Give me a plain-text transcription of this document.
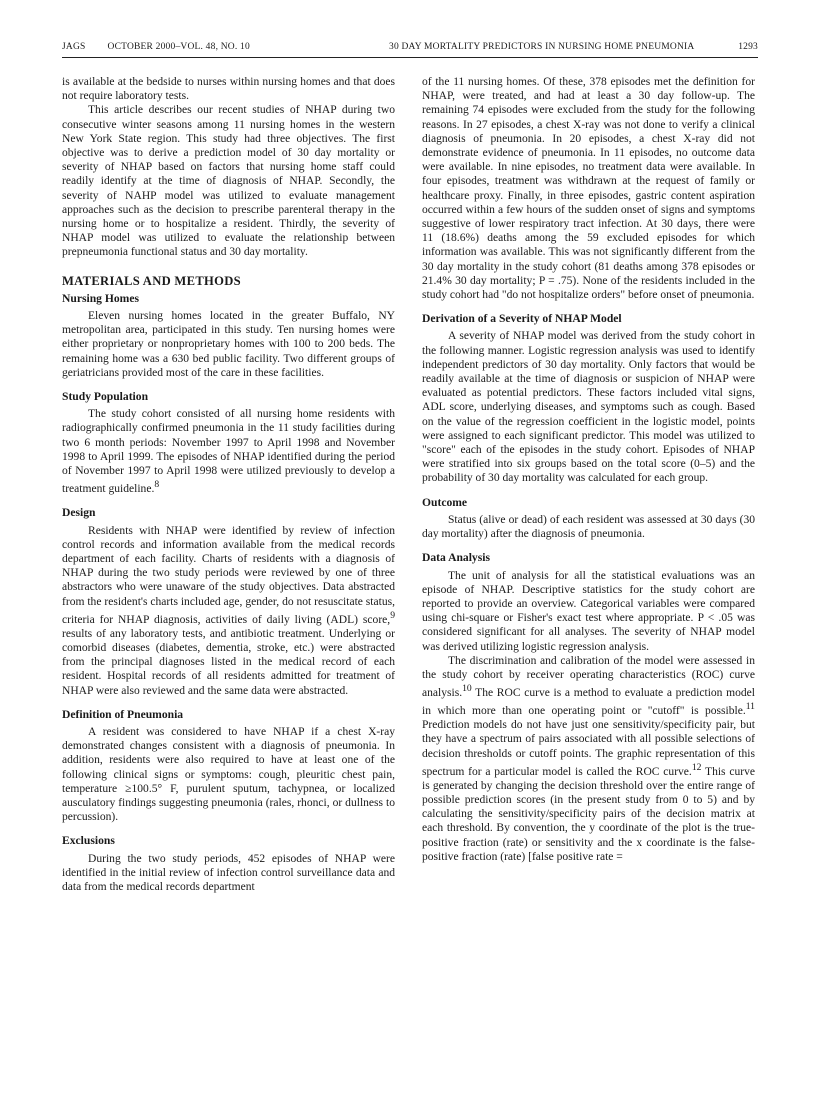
JAGS OCTOBER 2000–VOL. 48, NO. 10	30 DAY MORTALITY PREDICTORS IN NURSING HOME PNEUMONIA	1293

is available at the bedside to nurses within nursing homes and that does not require laboratory tests.

This article describes our recent studies of NHAP during two consecutive winter seasons among 11 nursing homes in the western New York State region. This study had three objectives. The first objective was to derive a prediction model of 30 day mortality or severity of NHAP based on factors that nursing home staff could readily identify at the time of diagnosis of NHAP. Secondly, the severity of NAHP model was utilized to evaluate management approaches such as the decision to prescribe parenteral therapy in the nursing home or to hospitalize a resident. Thirdly, the severity of NHAP model was utilized to evaluate the relationship between prepneumonia functional status and 30 day mortality.

MATERIALS AND METHODS
Nursing Homes

Eleven nursing homes located in the greater Buffalo, NY metropolitan area, participated in this study. Ten nursing homes were either proprietary or nonproprietary homes with 100 to 200 beds. The remaining home was a 630 bed public facility. Two different groups of geriatricians provided most of the care in these facilities.

Study Population

The study cohort consisted of all nursing home residents with radiographically confirmed pneumonia in the 11 study facilities during two 6 month periods: November 1997 to April 1998 and November 1998 to April 1999. The episodes of NHAP identified during the period of November 1997 to April 1998 were utilized previously to develop a treatment guideline.$^8$

Design

Residents with NHAP were identified by review of infection control records and information available from the medical records department of each facility. Charts of residents with a diagnosis of NHAP during the two study periods were reviewed by one of three abstractors who were unaware of the study objectives. Data abstracted from the resident's charts included age, gender, do not resuscitate status, criteria for NHAP diagnosis, activities of daily living (ADL) score,$^9$ results of any laboratory tests, and antibiotic treatment. Underlying or comorbid diseases (diabetes, dementia, stroke, etc.) were abstracted from the principal diagnoses listed in the medical record of each resident. Hospital records of all residents admitted for treatment of NHAP were also reviewed and the same data were abstracted.

Definition of Pneumonia

A resident was considered to have NHAP if a chest X-ray demonstrated changes consistent with a diagnosis of pneumonia. In addition, residents were also required to have at least one of the following clinical signs or symptoms: cough, pleuritic chest pain, temperature ≥100.5° F, purulent sputum, tachypnea, or localized ausculatory findings suggesting pneumonia (rales, rhonci, or dullness to percussion).

Exclusions

During the two study periods, 452 episodes of NHAP were identified in the initial review of infection control surveillance data and data from the medical records department

of the 11 nursing homes. Of these, 378 episodes met the definition for NHAP, were treated, and had at least a 30 day follow-up. The remaining 74 episodes were excluded from the study for the following reasons. In 27 episodes, a chest X-ray was not done to verify a clinical diagnosis of pneumonia. In 20 episodes, a chest X-ray did not demonstrate evidence of pneumonia. In 11 episodes, no outcome data were available. In nine episodes, no treatment data were available. In four episodes, treatment was withdrawn at the request of family or healthcare proxy. Finally, in three episodes, gastric content aspiration occurred within a few hours of the sudden onset of signs and symptoms suggestive of lower respiratory tract infection. At 30 days, there were 11 (18.6%) deaths among the 59 excluded episodes for which information was available. This was not significantly different from the 30 day mortality in the study cohort (81 deaths among 378 episodes or 21.4% 30 day mortality; P = .75). None of the residents included in the study cohort had "do not hospitalize orders" before onset of pneumonia.

Derivation of a Severity of NHAP Model

A severity of NHAP model was derived from the study cohort in the following manner. Logistic regression analysis was used to identify independent predictors of 30 day mortality. Only factors that would be readily available at the time of diagnosis or suspicion of NHAP were evaluated as potential predictors. These factors included vital signs, ADL score, underlying diseases, and symptoms such as cough. Based on the value of the regression coefficient in the logistic model, points were assigned to each significant predictor. This model was utilized to "score" each of the episodes in the study cohort. Episodes of NHAP were stratified into six groups based on the total score (0–5) and the probability of 30 day mortality was calculated for each group.

Outcome

Status (alive or dead) of each resident was assessed at 30 days (30 day mortality) after the diagnosis of pneumonia.

Data Analysis

The unit of analysis for all the statistical evaluations was an episode of NHAP. Descriptive statistics for the study cohort are reported to provide an overview. Categorical variables were compared using chi-square or Fisher's exact test where appropriate. P < .05 was considered significant for all analyses. The severity of NHAP model was derived utilizing logistic regression analysis.

The discrimination and calibration of the model were assessed in the study cohort by receiver operating characteristics (ROC) curve analysis.$^{10}$ The ROC curve is a method to evaluate a prediction model in which more than one operating point or "cutoff" is possible.$^{11}$ Prediction models do not have just one sensitivity/specificity pair, but they have a spectrum of pairs associated with all possible selections of decision thresholds or cutoff points. The graphic representation of this spectrum for a particular model is called the ROC curve.$^{12}$ This curve is generated by changing the decision threshold over the entire range of possible prediction scores (in the present study from 0 to 5) and by calculating the sensitivity/specificity pairs of the decision matrix at each threshold. By convention, the y coordinate of the plot is the true-positive fraction (rate) or sensitivity and the x coordinate is the false-positive fraction (rate) [false positive rate =
